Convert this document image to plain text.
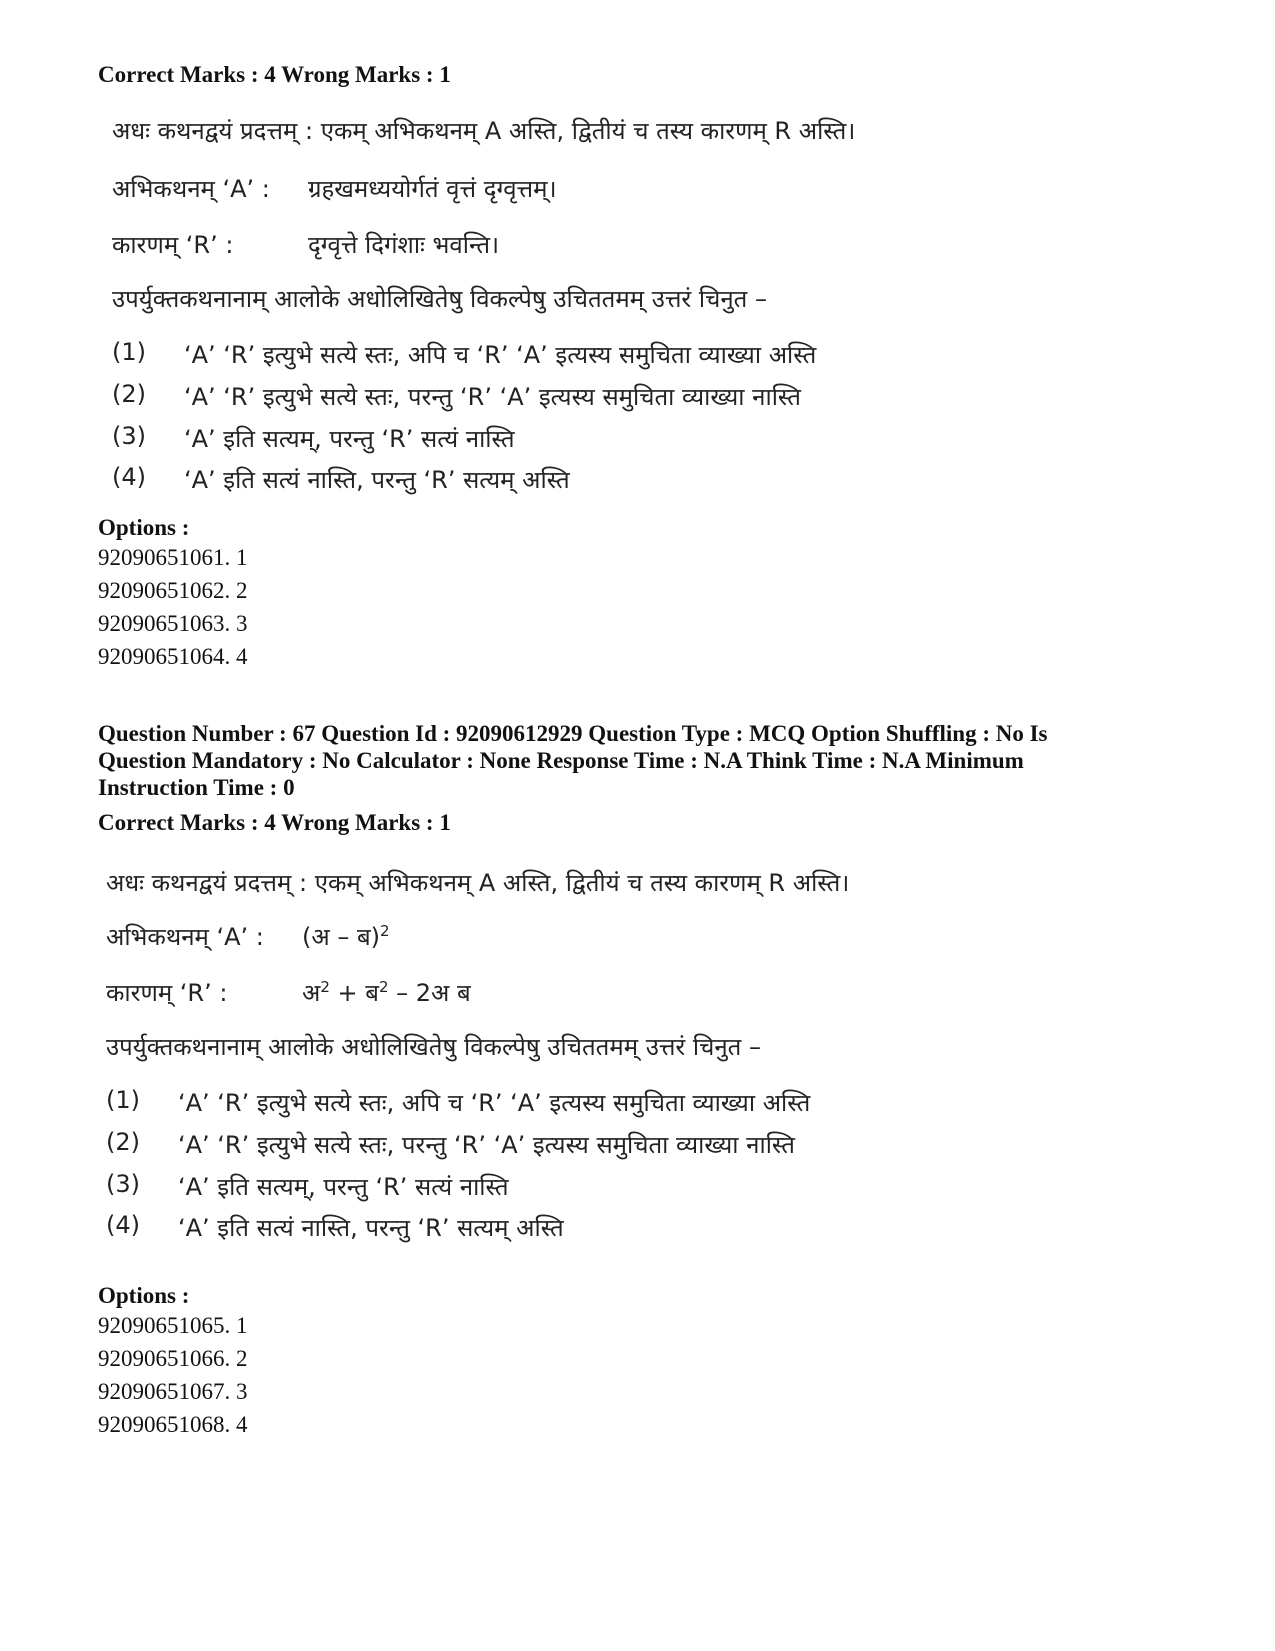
Correct Marks : 4 Wrong Marks : 1
अधः कथनद्वयं प्रदत्तम् : एकम् अभिकथनम् A अस्ति, द्वितीयं च तस्य कारणम् R अस्ति।
अभिकथनम् ‘A’ : ग्रहखमध्ययोर्गतं वृत्तं दृग्वृत्तम्।
कारणम् ‘R’ :	दृग्वृत्ते दिगंशाः भवन्ति।
उपर्युक्तकथनानाम् आलोके अधोलिखितेषु विकल्पेषु उचिततमम् उत्तरं चिनुत –
(1) ‘A’ ‘R’ इत्युभे सत्ये स्तः, अपि च ‘R’ ‘A’ इत्यस्य समुचिता व्याख्या अस्ति
(2) ‘A’ ‘R’ इत्युभे सत्ये स्तः, परन्तु ‘R’ ‘A’ इत्यस्य समुचिता व्याख्या नास्ति
(3) ‘A’ इति सत्यम्, परन्तु ‘R’ सत्यं नास्ति
(4) ‘A’ इति सत्यं नास्ति, परन्तु ‘R’ सत्यम् अस्ति
Options :
92090651061. 1
92090651062. 2
92090651063. 3
92090651064. 4
Question Number : 67 Question Id : 92090612929 Question Type : MCQ Option Shuffling : No Is
Question Mandatory : No Calculator : None Response Time : N.A Think Time : N.A Minimum
Instruction Time : 0
Correct Marks : 4 Wrong Marks : 1
अधः कथनद्वयं प्रदत्तम् : एकम् अभिकथनम् A अस्ति, द्वितीयं च तस्य कारणम् R अस्ति।
अभिकथनम् ‘A’ : (अ – ब)$^2$
कारणम् ‘R’ :	अ$^2$ + ब$^2$ – 2अ ब
उपर्युक्तकथनानाम् आलोके अधोलिखितेषु विकल्पेषु उचिततमम् उत्तरं चिनुत –
(1) ‘A’ ‘R’ इत्युभे सत्ये स्तः, अपि च ‘R’ ‘A’ इत्यस्य समुचिता व्याख्या अस्ति
(2) ‘A’ ‘R’ इत्युभे सत्ये स्तः, परन्तु ‘R’ ‘A’ इत्यस्य समुचिता व्याख्या नास्ति
(3) ‘A’ इति सत्यम्, परन्तु ‘R’ सत्यं नास्ति
(4) ‘A’ इति सत्यं नास्ति, परन्तु ‘R’ सत्यम् अस्ति
Options :
92090651065. 1
92090651066. 2
92090651067. 3
92090651068. 4
